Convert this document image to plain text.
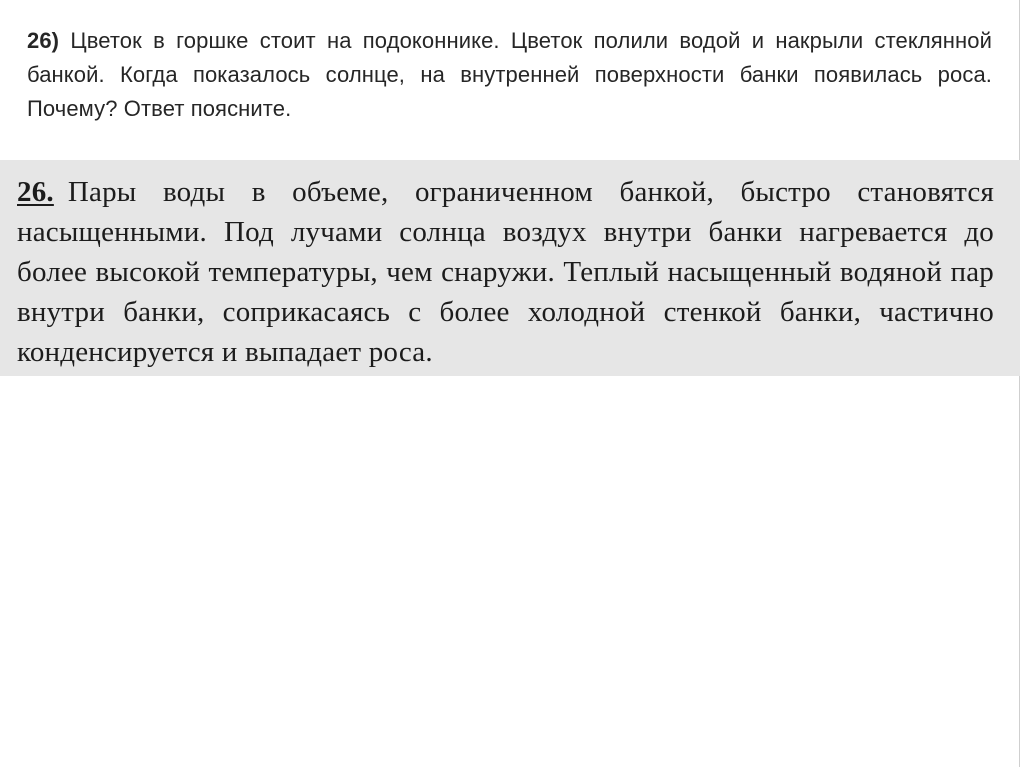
26) Цветок в горшке стоит на подоконнике. Цветок полили водой и накрыли стеклянной банкой. Когда показалось солнце, на внутренней поверхности банки появилась роса. Почему? Ответ поясните.

26. Пары воды в объеме, ограниченном банкой, быстро становятся насыщенными. Под лучами солнца воздух внутри банки нагревается до более высокой температуры, чем снаружи. Теплый насыщенный водяной пар внутри банки, соприкасаясь с более холодной стенкой банки, частично конденсируется и выпадает роса.
